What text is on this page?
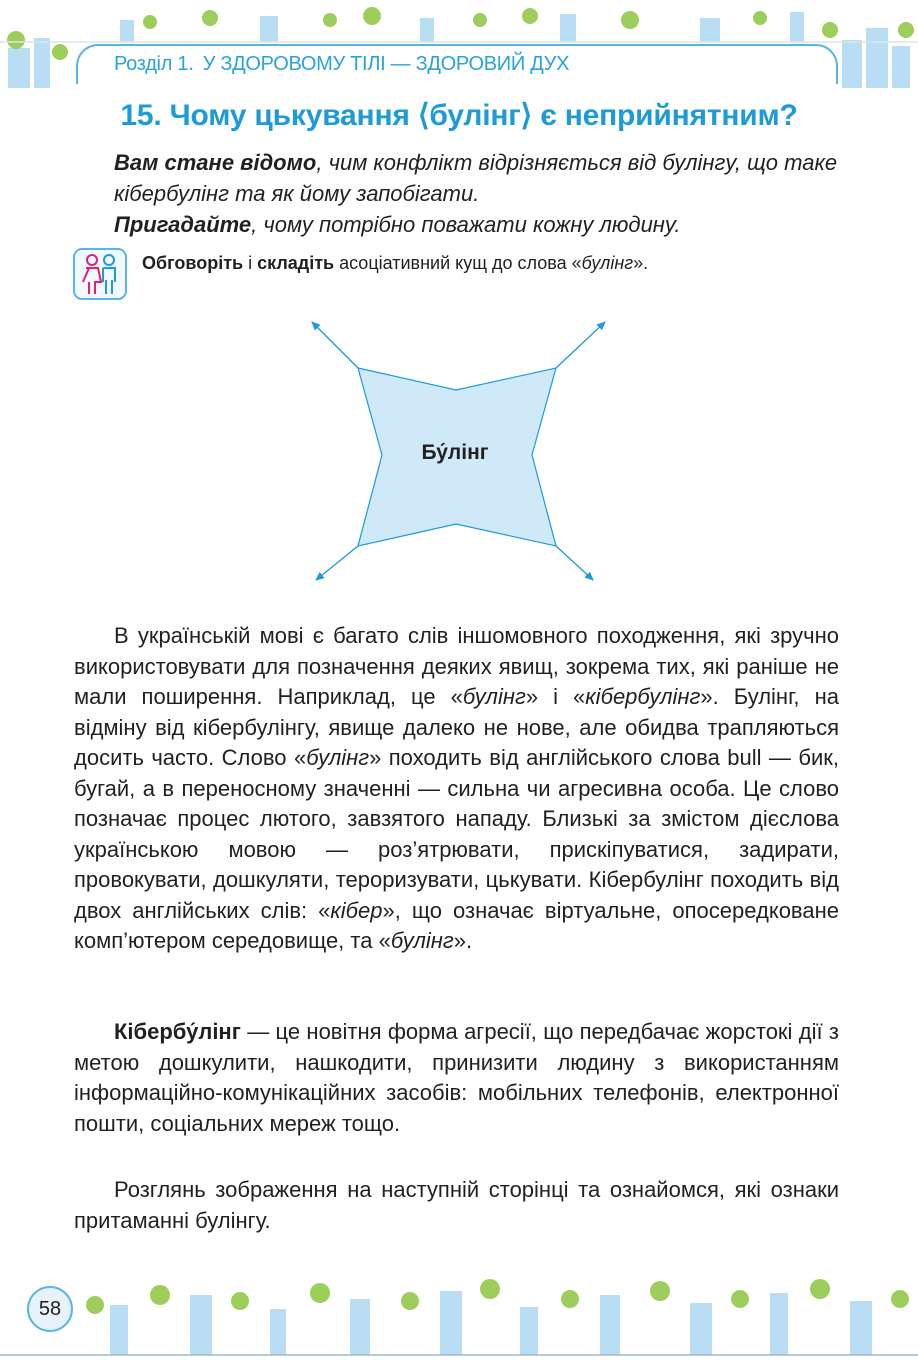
Розділ 1. У ЗДОРОВОМУ ТІЛІ — ЗДОРОВИЙ ДУХ
15. Чому цькування ⟨булінг⟩ є неприйнятним?
Вам стане відомо, чим конфлікт відрізняється від булінгу, що таке кібербулінг та як йому запобігати.
Пригадайте, чому потрібно поважати кожну людину.
Обговоріть і складіть асоціативний кущ до слова «булінг».
Бу́лінг
В українській мові є багато слів іншомовного походження, які зручно використовувати для позначення деяких явищ, зокрема тих, які раніше не мали поширення. Наприклад, це «булінг» і «кібербулінг». Булінг, на відміну від кібербулінгу, явище далеко не нове, але обидва трапляються досить часто. Слово «булінг» походить від англійського слова bull — бик, бугай, а в переносному значенні — сильна чи агресивна особа. Це слово позначає процес лютого, завзятого нападу. Близькі за змістом дієслова українською мовою — роз’ятрювати, прискіпуватися, задирати, провокувати, дошкуляти, тероризувати, цькувати. Кібербулінг походить від двох англійських слів: «кібер», що означає віртуальне, опосередковане комп’ютером середовище, та «булінг».
Кібербу́лінг — це новітня форма агресії, що передбачає жорстокі дії з метою дошкулити, нашкодити, принизити людину з використанням інформаційно-комунікаційних засобів: мобільних телефонів, електронної пошти, соціальних мереж тощо.
Розглянь зображення на наступній сторінці та ознайомся, які ознаки притаманні булінгу.
58
